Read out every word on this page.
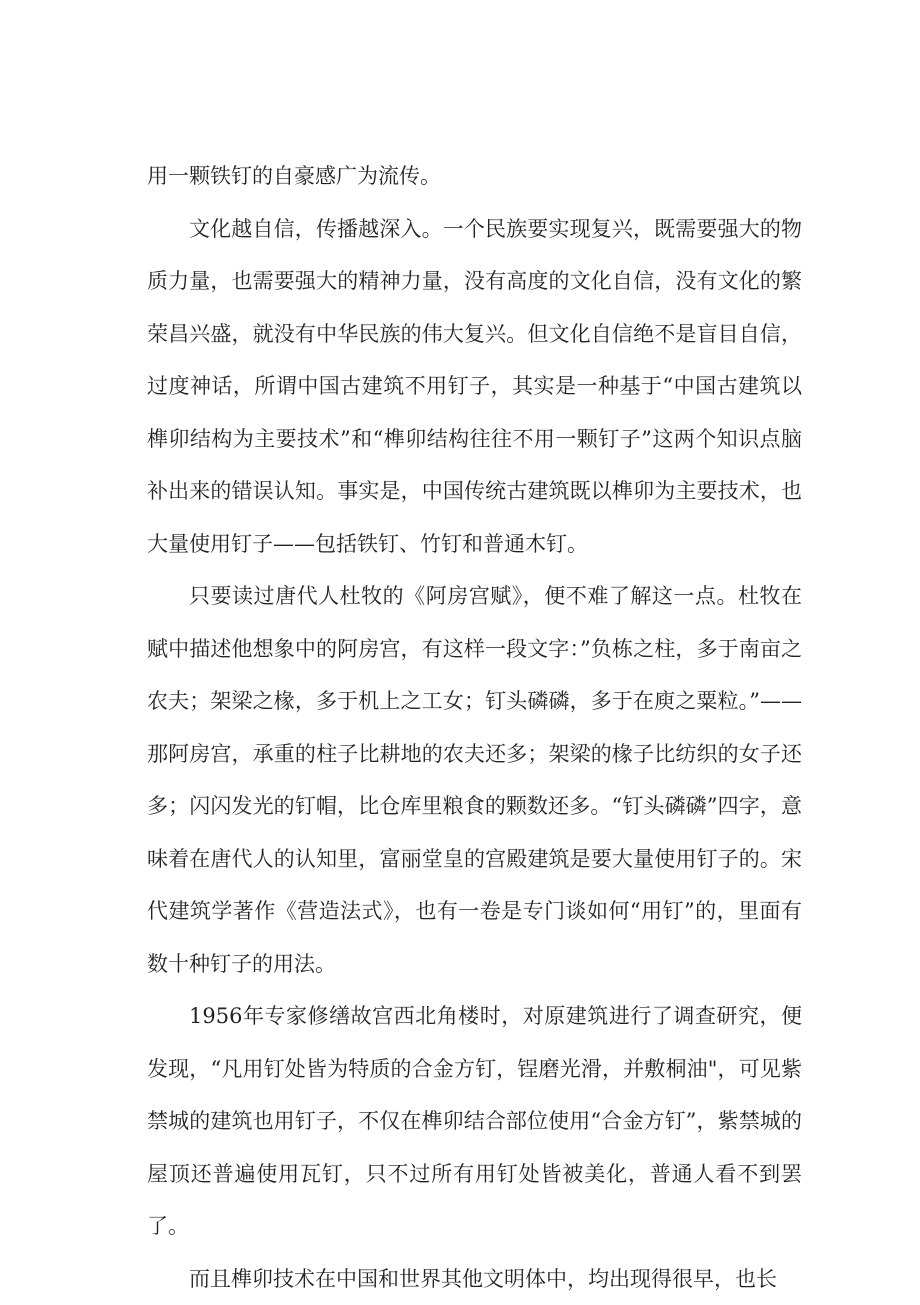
用一颗铁钉的自豪感广为流传。

文化越自信，传播越深入。一个民族要实现复兴，既需要强大的物质力量，也需要强大的精神力量，没有高度的文化自信，没有文化的繁荣昌兴盛，就没有中华民族的伟大复兴。但文化自信绝不是盲目自信，过度神话，所谓中国古建筑不用钉子，其实是一种基于“中国古建筑以榫卯结构为主要技术”和“榫卯结构往往不用一颗钉子”这两个知识点脑补出来的错误认知。事实是，中国传统古建筑既以榫卯为主要技术，也大量使用钉子——包括铁钉、竹钉和普通木钉。

只要读过唐代人杜牧的《阿房宫赋》，便不难了解这一点。杜牧在赋中描述他想象中的阿房宫，有这样一段文字：”负栋之柱，多于南亩之农夫；架梁之椽，多于机上之工女；钉头磷磷，多于在庾之粟粒。”——那阿房宫，承重的柱子比耕地的农夫还多；架梁的椽子比纺织的女子还多；闪闪发光的钉帽，比仓库里粮食的颗数还多。“钉头磷磷”四字，意味着在唐代人的认知里，富丽堂皇的宫殿建筑是要大量使用钉子的。宋代建筑学著作《营造法式》，也有一卷是专门谈如何“用钉”的，里面有数十种钉子的用法。

1956年专家修缮故宫西北角楼时，对原建筑进行了调查研究，便发现，“凡用钉处皆为特质的合金方钉，锃磨光滑，并敷桐油"，可见紫禁城的建筑也用钉子，不仅在榫卯结合部位使用“合金方钉”，紫禁城的屋顶还普遍使用瓦钉，只不过所有用钉处皆被美化，普通人看不到罢了。

而且榫卯技术在中国和世界其他文明体中，均出现得很早，也长
